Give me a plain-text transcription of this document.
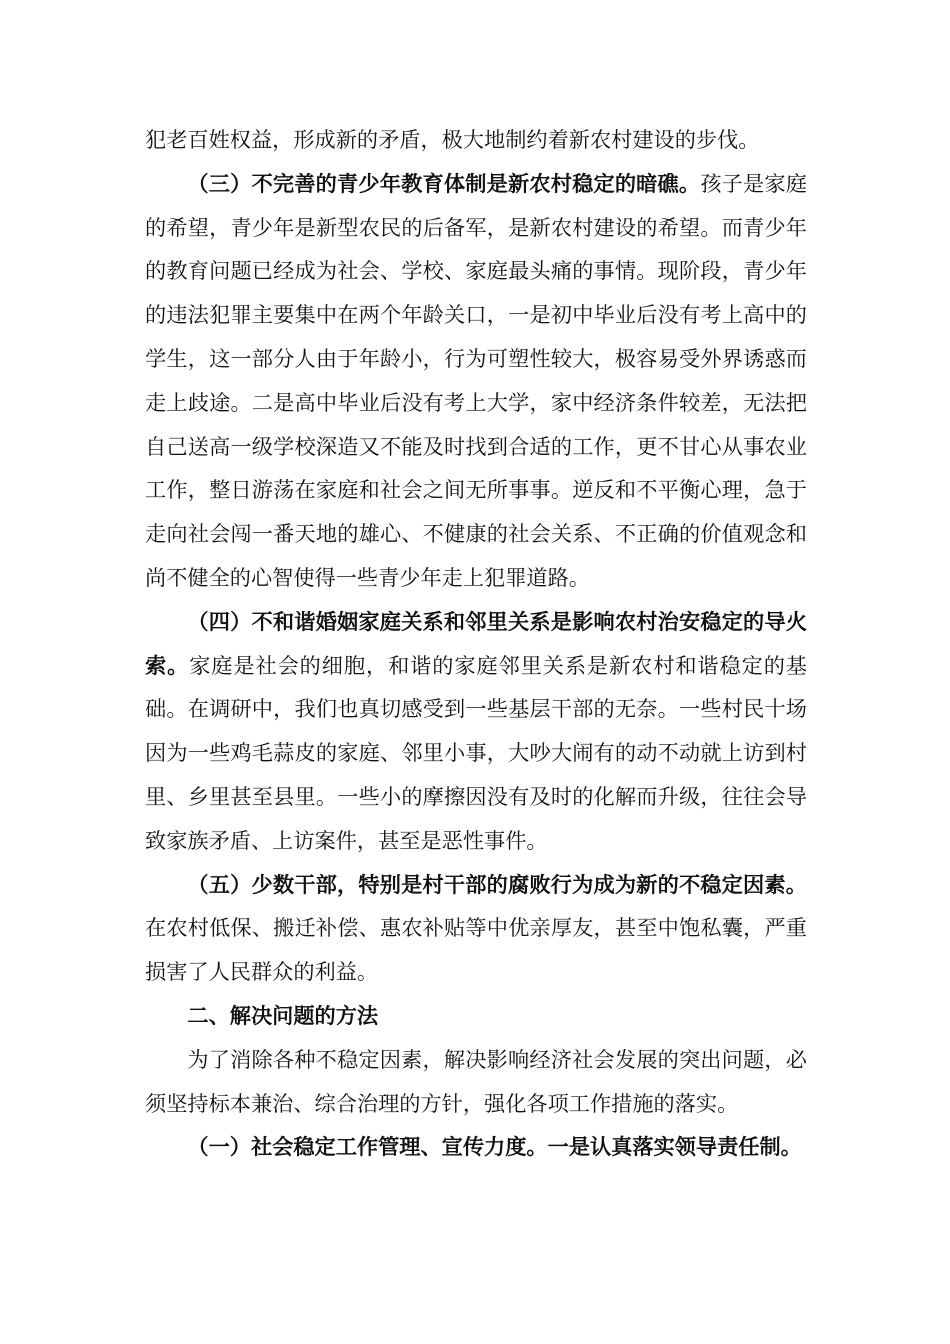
犯老百姓权益，形成新的矛盾，极大地制约着新农村建设的步伐。

（三）不完善的青少年教育体制是新农村稳定的暗礁。孩子是家庭的希望，青少年是新型农民的后备军，是新农村建设的希望。而青少年的教育问题已经成为社会、学校、家庭最头痛的事情。现阶段，青少年的违法犯罪主要集中在两个年龄关口，一是初中毕业后没有考上高中的学生，这一部分人由于年龄小，行为可塑性较大，极容易受外界诱惑而走上歧途。二是高中毕业后没有考上大学，家中经济条件较差，无法把自己送高一级学校深造又不能及时找到合适的工作，更不甘心从事农业工作，整日游荡在家庭和社会之间无所事事。逆反和不平衡心理，急于走向社会闯一番天地的雄心、不健康的社会关系、不正确的价值观念和尚不健全的心智使得一些青少年走上犯罪道路。

（四）不和谐婚姻家庭关系和邻里关系是影响农村治安稳定的导火索。家庭是社会的细胞，和谐的家庭邻里关系是新农村和谐稳定的基础。在调研中，我们也真切感受到一些基层干部的无奈。一些村民十场因为一些鸡毛蒜皮的家庭、邻里小事，大吵大闹有的动不动就上访到村里、乡里甚至县里。一些小的摩擦因没有及时的化解而升级，往往会导致家族矛盾、上访案件，甚至是恶性事件。

（五）少数干部，特别是村干部的腐败行为成为新的不稳定因素。在农村低保、搬迁补偿、惠农补贴等中优亲厚友，甚至中饱私囊，严重损害了人民群众的利益。

二、解决问题的方法

为了消除各种不稳定因素，解决影响经济社会发展的突出问题，必须坚持标本兼治、综合治理的方针，强化各项工作措施的落实。

（一）社会稳定工作管理、宣传力度。一是认真落实领导责任制。
